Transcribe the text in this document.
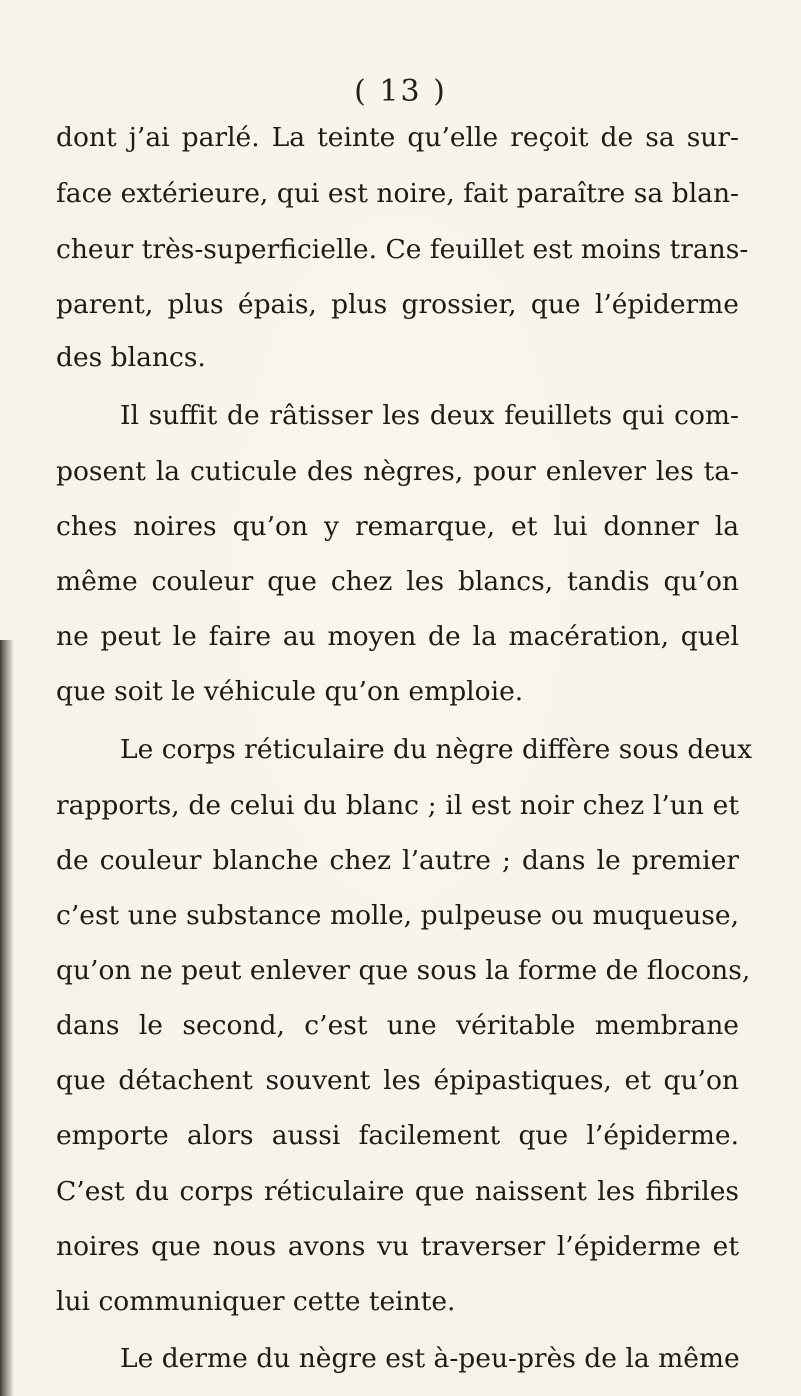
( 13 )
dont j’ai parlé. La teinte qu’elle reçoit de sa sur-
face extérieure, qui est noire, fait paraître sa blan-
cheur très-superficielle. Ce feuillet est moins trans-
parent, plus épais, plus grossier, que l’épiderme
des blancs.
Il suffit de râtisser les deux feuillets qui com-
posent la cuticule des nègres, pour enlever les ta-
ches noires qu’on y remarque, et lui donner la
même couleur que chez les blancs, tandis qu’on
ne peut le faire au moyen de la macération, quel
que soit le véhicule qu’on emploie.
Le corps réticulaire du nègre diffère sous deux
rapports, de celui du blanc ; il est noir chez l’un et
de couleur blanche chez l’autre ; dans le premier
c’est une substance molle, pulpeuse ou muqueuse,
qu’on ne peut enlever que sous la forme de flocons,
dans le second, c’est une véritable membrane
que détachent souvent les épipastiques, et qu’on
emporte alors aussi facilement que l’épiderme.
C’est du corps réticulaire que naissent les fibriles
noires que nous avons vu traverser l’épiderme et
lui communiquer cette teinte.
Le derme du nègre est à-peu-près de la même
